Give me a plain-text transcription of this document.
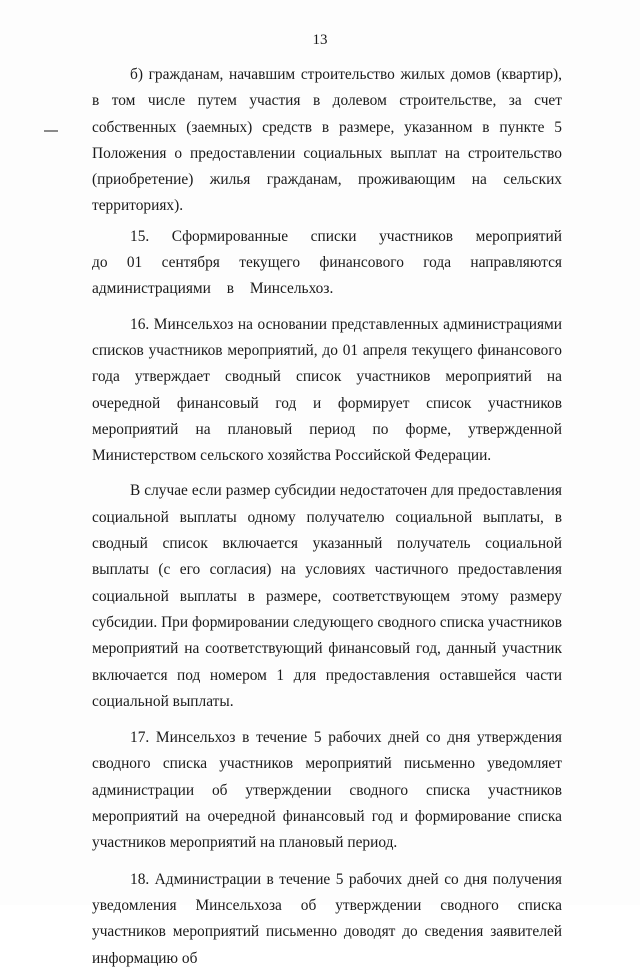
13

б) гражданам, начавшим строительство жилых домов (квартир), в том числе путем участия в долевом строительстве, за счет собственных (заемных) средств в размере, указанном в пункте 5 Положения о предоставлении социальных выплат на строительство (приобретение) жилья гражданам, проживающим на сельских территориях).

15. Сформированные списки участников мероприятий до 01 сентября текущего финансового года направляются администрациями в Минсельхоз.

16. Минсельхоз на основании представленных администрациями списков участников мероприятий, до 01 апреля текущего финансового года утверждает сводный список участников мероприятий на очередной финансовый год и формирует список участников мероприятий на плановый период по форме, утвержденной Министерством сельского хозяйства Российской Федерации.

В случае если размер субсидии недостаточен для предоставления социальной выплаты одному получателю социальной выплаты, в сводный список включается указанный получатель социальной выплаты (с его согласия) на условиях частичного предоставления социальной выплаты в размере, соответствующем этому размеру субсидии. При формировании следующего сводного списка участников мероприятий на соответствующий финансовый год, данный участник включается под номером 1 для предоставления оставшейся части социальной выплаты.

17. Минсельхоз в течение 5 рабочих дней со дня утверждения сводного списка участников мероприятий письменно уведомляет администрации об утверждении сводного списка участников мероприятий на очередной финансовый год и формирование списка участников мероприятий на плановый период.

18. Администрации в течение 5 рабочих дней со дня получения уведомления Минсельхоза об утверждении сводного списка участников мероприятий письменно доводят до сведения заявителей информацию об
